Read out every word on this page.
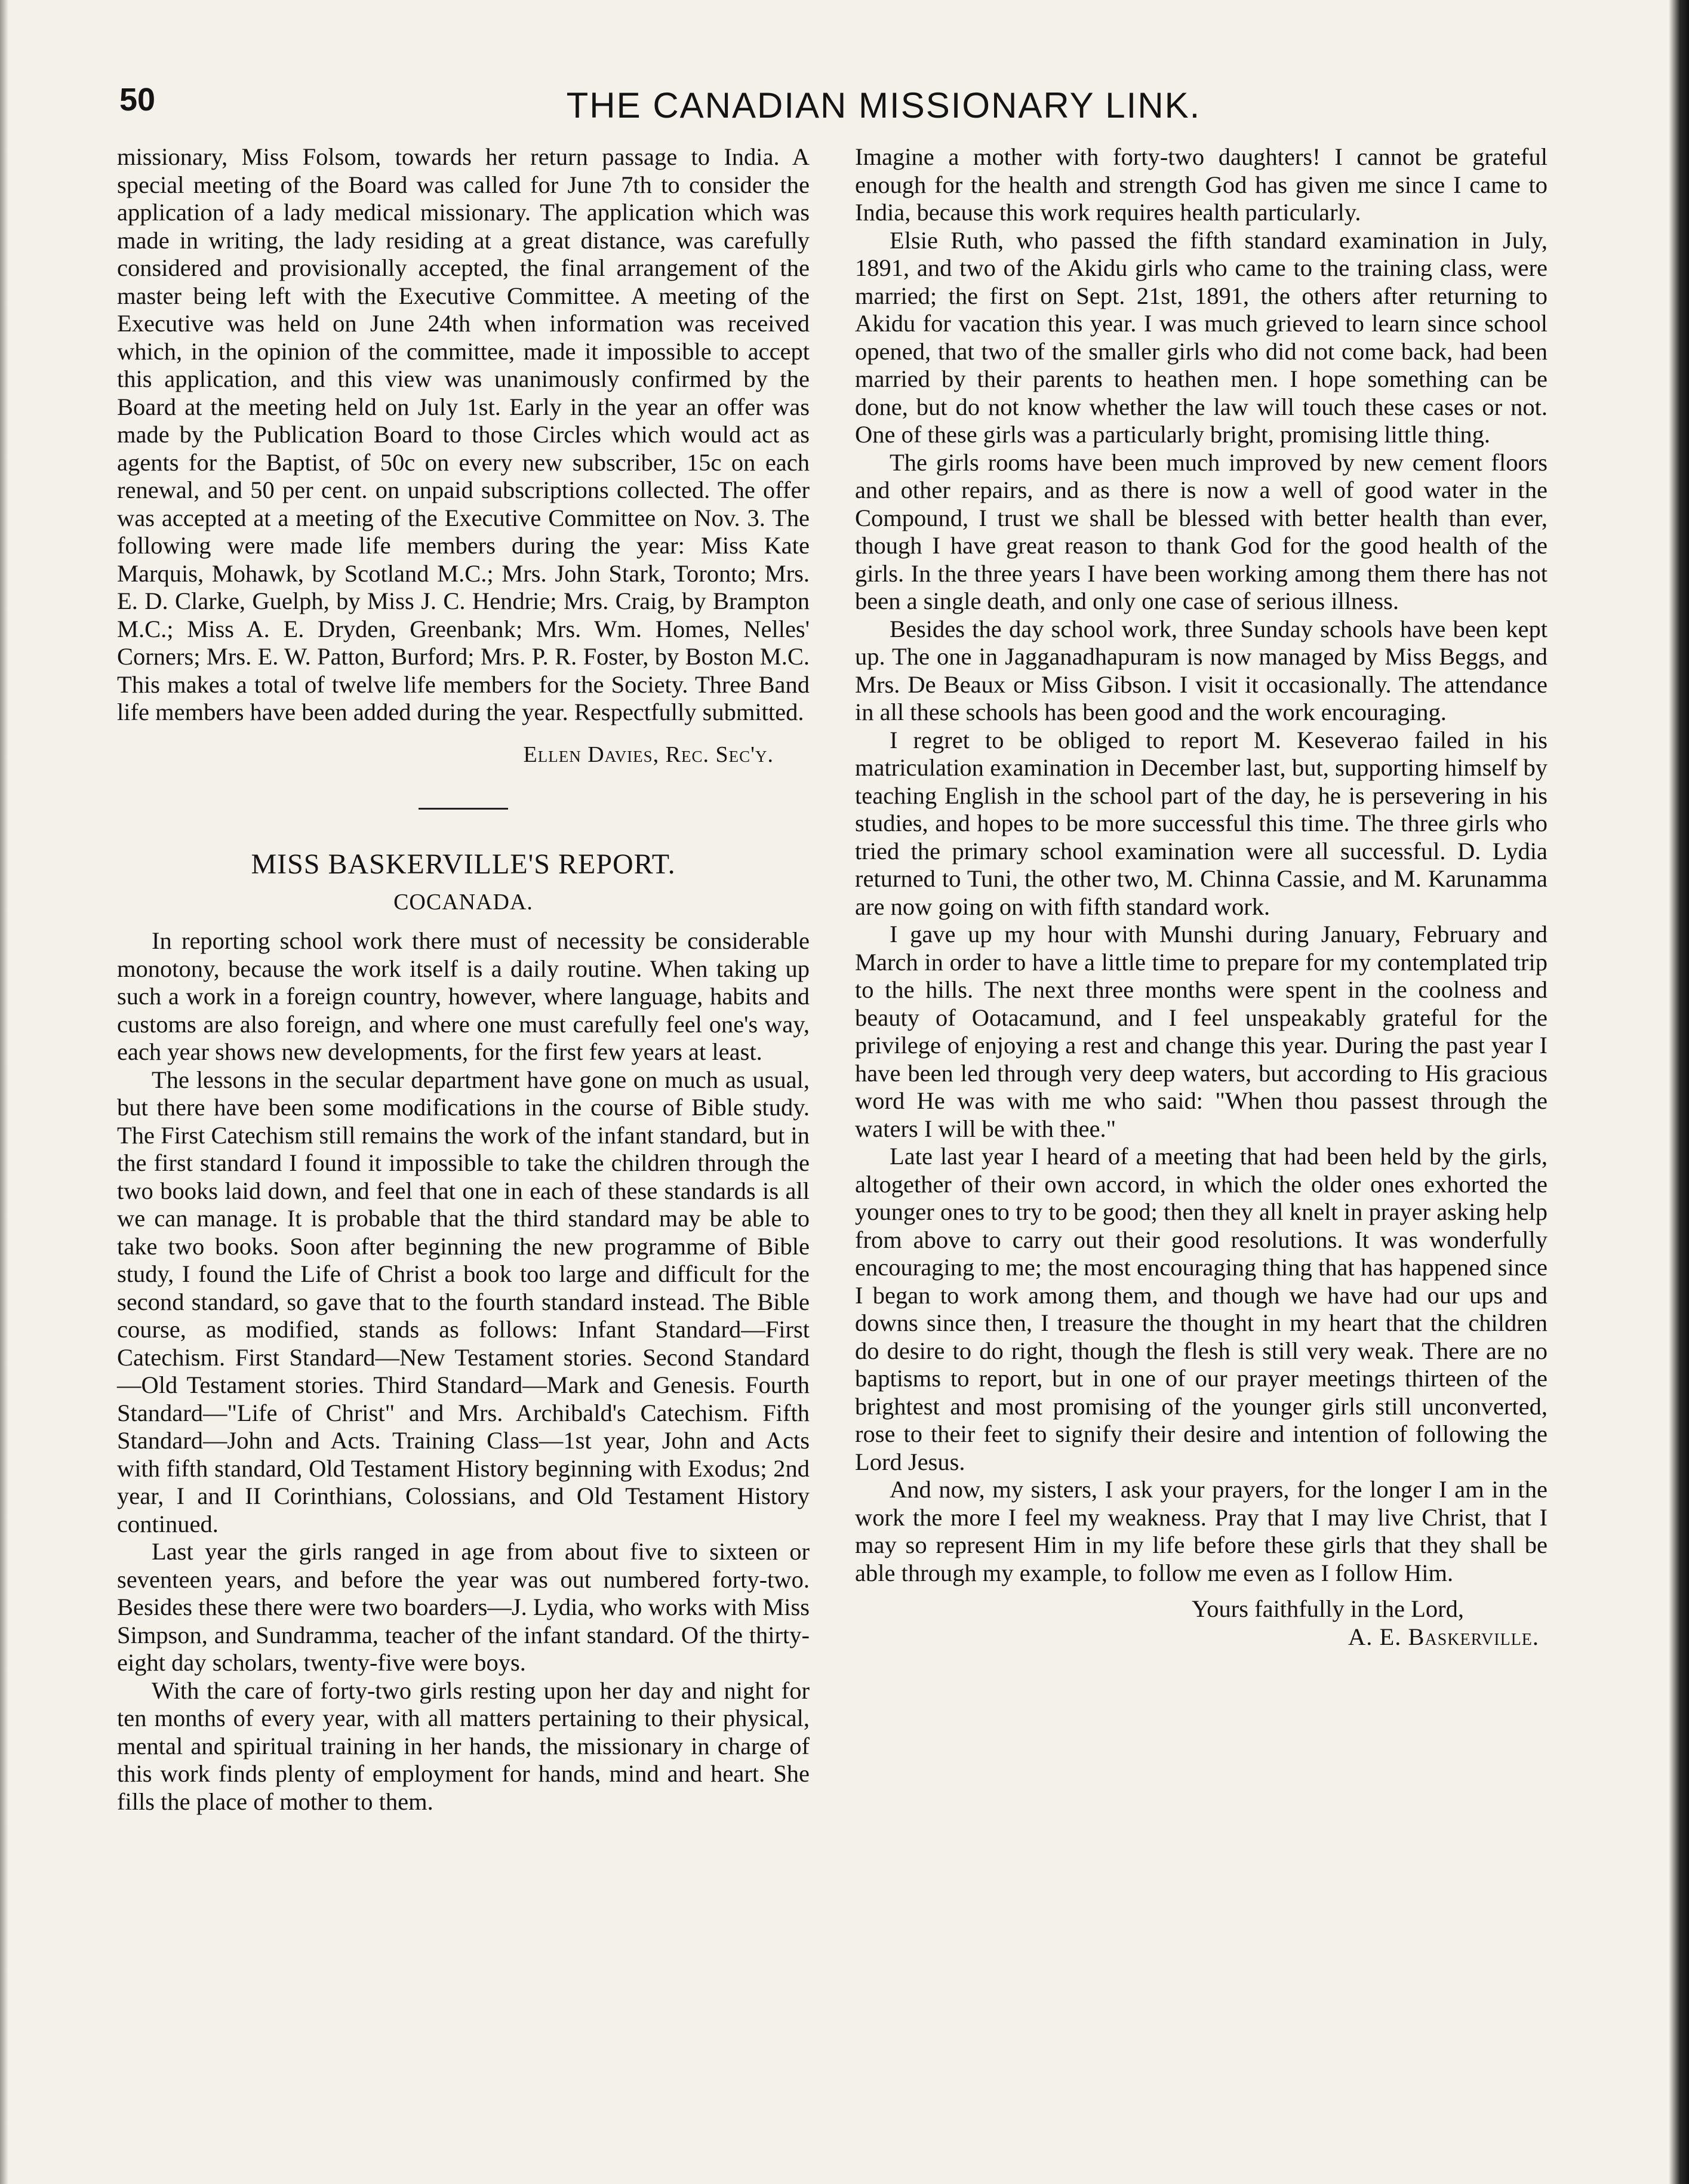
50	THE CANADIAN MISSIONARY LINK.

missionary, Miss Folsom, towards her return passage to India. A special meeting of the Board was called for June 7th to consider the application of a lady medical missionary. The application which was made in writing, the lady residing at a great distance, was carefully considered and provisionally accepted, the final arrangement of the master being left with the Executive Committee. A meeting of the Executive was held on June 24th when information was received which, in the opinion of the committee, made it impossible to accept this application, and this view was unanimously confirmed by the Board at the meeting held on July 1st. Early in the year an offer was made by the Publication Board to those Circles which would act as agents for the Baptist, of 50c on every new subscriber, 15c on each renewal, and 50 per cent. on unpaid subscriptions collected. The offer was accepted at a meeting of the Executive Committee on Nov. 3. The following were made life members during the year: Miss Kate Marquis, Mohawk, by Scotland M.C.; Mrs. John Stark, Toronto; Mrs. E. D. Clarke, Guelph, by Miss J. C. Hendrie; Mrs. Craig, by Brampton M.C.; Miss A. E. Dryden, Greenbank; Mrs. Wm. Homes, Nelles' Corners; Mrs. E. W. Patton, Burford; Mrs. P. R. Foster, by Boston M.C. This makes a total of twelve life members for the Society. Three Band life members have been added during the year. Respectfully submitted.

Ellen Davies, Rec. Sec'y.

MISS BASKERVILLE'S REPORT.
COCANADA.

In reporting school work there must of necessity be considerable monotony, because the work itself is a daily routine. When taking up such a work in a foreign country, however, where language, habits and customs are also foreign, and where one must carefully feel one's way, each year shows new developments, for the first few years at least.

The lessons in the secular department have gone on much as usual, but there have been some modifications in the course of Bible study. The First Catechism still remains the work of the infant standard, but in the first standard I found it impossible to take the children through the two books laid down, and feel that one in each of these standards is all we can manage. It is probable that the third standard may be able to take two books. Soon after beginning the new programme of Bible study, I found the Life of Christ a book too large and difficult for the second standard, so gave that to the fourth standard instead. The Bible course, as modified, stands as follows: Infant Standard—First Catechism. First Standard—New Testament stories. Second Standard—Old Testament stories. Third Standard—Mark and Genesis. Fourth Standard—"Life of Christ" and Mrs. Archibald's Catechism. Fifth Standard—John and Acts. Training Class—1st year, John and Acts with fifth standard, Old Testament History beginning with Exodus; 2nd year, I and II Corinthians, Colossians, and Old Testament History continued.

Last year the girls ranged in age from about five to sixteen or seventeen years, and before the year was out numbered forty-two. Besides these there were two boarders—J. Lydia, who works with Miss Simpson, and Sundramma, teacher of the infant standard. Of the thirty-eight day scholars, twenty-five were boys.

With the care of forty-two girls resting upon her day and night for ten months of every year, with all matters pertaining to their physical, mental and spiritual training in her hands, the missionary in charge of this work finds plenty of employment for hands, mind and heart. She fills the place of mother to them.

Imagine a mother with forty-two daughters! I cannot be grateful enough for the health and strength God has given me since I came to India, because this work requires health particularly.

Elsie Ruth, who passed the fifth standard examination in July, 1891, and two of the Akidu girls who came to the training class, were married; the first on Sept. 21st, 1891, the others after returning to Akidu for vacation this year. I was much grieved to learn since school opened, that two of the smaller girls who did not come back, had been married by their parents to heathen men. I hope something can be done, but do not know whether the law will touch these cases or not. One of these girls was a particularly bright, promising little thing.

The girls rooms have been much improved by new cement floors and other repairs, and as there is now a well of good water in the Compound, I trust we shall be blessed with better health than ever, though I have great reason to thank God for the good health of the girls. In the three years I have been working among them there has not been a single death, and only one case of serious illness.

Besides the day school work, three Sunday schools have been kept up. The one in Jagganadhapuram is now managed by Miss Beggs, and Mrs. De Beaux or Miss Gibson. I visit it occasionally. The attendance in all these schools has been good and the work encouraging.

I regret to be obliged to report M. Keseverao failed in his matriculation examination in December last, but, supporting himself by teaching English in the school part of the day, he is persevering in his studies, and hopes to be more successful this time. The three girls who tried the primary school examination were all successful. D. Lydia returned to Tuni, the other two, M. Chinna Cassie, and M. Karunamma are now going on with fifth standard work.

I gave up my hour with Munshi during January, February and March in order to have a little time to prepare for my contemplated trip to the hills. The next three months were spent in the coolness and beauty of Ootacamund, and I feel unspeakably grateful for the privilege of enjoying a rest and change this year. During the past year I have been led through very deep waters, but according to His gracious word He was with me who said: "When thou passest through the waters I will be with thee."

Late last year I heard of a meeting that had been held by the girls, altogether of their own accord, in which the older ones exhorted the younger ones to try to be good; then they all knelt in prayer asking help from above to carry out their good resolutions. It was wonderfully encouraging to me; the most encouraging thing that has happened since I began to work among them, and though we have had our ups and downs since then, I treasure the thought in my heart that the children do desire to do right, though the flesh is still very weak. There are no baptisms to report, but in one of our prayer meetings thirteen of the brightest and most promising of the younger girls still unconverted, rose to their feet to signify their desire and intention of following the Lord Jesus.

And now, my sisters, I ask your prayers, for the longer I am in the work the more I feel my weakness. Pray that I may live Christ, that I may so represent Him in my life before these girls that they shall be able through my example, to follow me even as I follow Him.

Yours faithfully in the Lord,

A. E. Baskerville.
